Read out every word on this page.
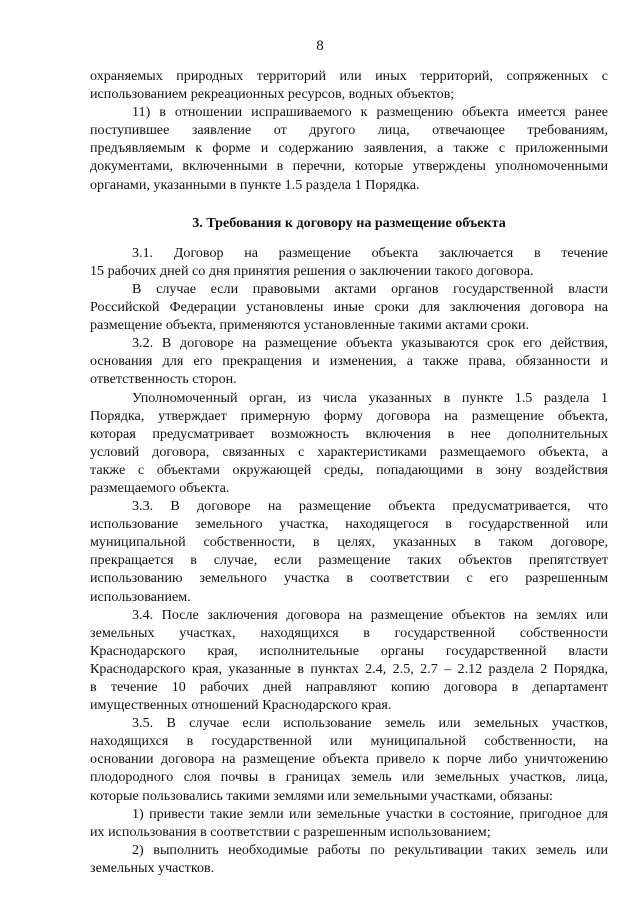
8

охраняемых природных территорий или иных территорий, сопряженных с

использованием рекреационных ресурсов, водных объектов;

11) в отношении испрашиваемого к размещению объекта имеется ранее

поступившее заявление от другого лица, отвечающее требованиям,

предъявляемым к форме и содержанию заявления, а также с приложенными

документами, включенными в перечни, которые утверждены уполномоченными

органами, указанными в пункте 1.5 раздела 1 Порядка.

3. Требования к договору на размещение объекта

3.1. Договор на размещение объекта заключается в течение

15 рабочих дней со дня принятия решения о заключении такого договора.

В случае если правовыми актами органов государственной власти

Российской Федерации установлены иные сроки для заключения договора на

размещение объекта, применяются установленные такими актами сроки.

3.2. В договоре на размещение объекта указываются срок его действия,

основания для его прекращения и изменения, а также права, обязанности и

ответственность сторон.

Уполномоченный орган, из числа указанных в пункте 1.5 раздела 1

Порядка, утверждает примерную форму договора на размещение объекта,

которая предусматривает возможность включения в нее дополнительных

условий договора, связанных с характеристиками размещаемого объекта, а

также с объектами окружающей среды, попадающими в зону воздействия

размещаемого объекта.

3.3. В договоре на размещение объекта предусматривается, что

использование земельного участка, находящегося в государственной или

муниципальной собственности, в целях, указанных в таком договоре,

прекращается в случае, если размещение таких объектов препятствует

использованию земельного участка в соответствии с его разрешенным

использованием.

3.4. После заключения договора на размещение объектов на землях или

земельных участках, находящихся в государственной собственности

Краснодарского края, исполнительные органы государственной власти

Краснодарского края, указанные в пунктах 2.4, 2.5, 2.7 – 2.12 раздела 2 Порядка,

в течение 10 рабочих дней направляют копию договора в департамент

имущественных отношений Краснодарского края.

3.5. В случае если использование земель или земельных участков,

находящихся в государственной или муниципальной собственности, на

основании договора на размещение объекта привело к порче либо уничтожению

плодородного слоя почвы в границах земель или земельных участков, лица,

которые пользовались такими землями или земельными участками, обязаны:

1) привести такие земли или земельные участки в состояние, пригодное для

их использования в соответствии с разрешенным использованием;

2) выполнить необходимые работы по рекультивации таких земель или

земельных участков.
